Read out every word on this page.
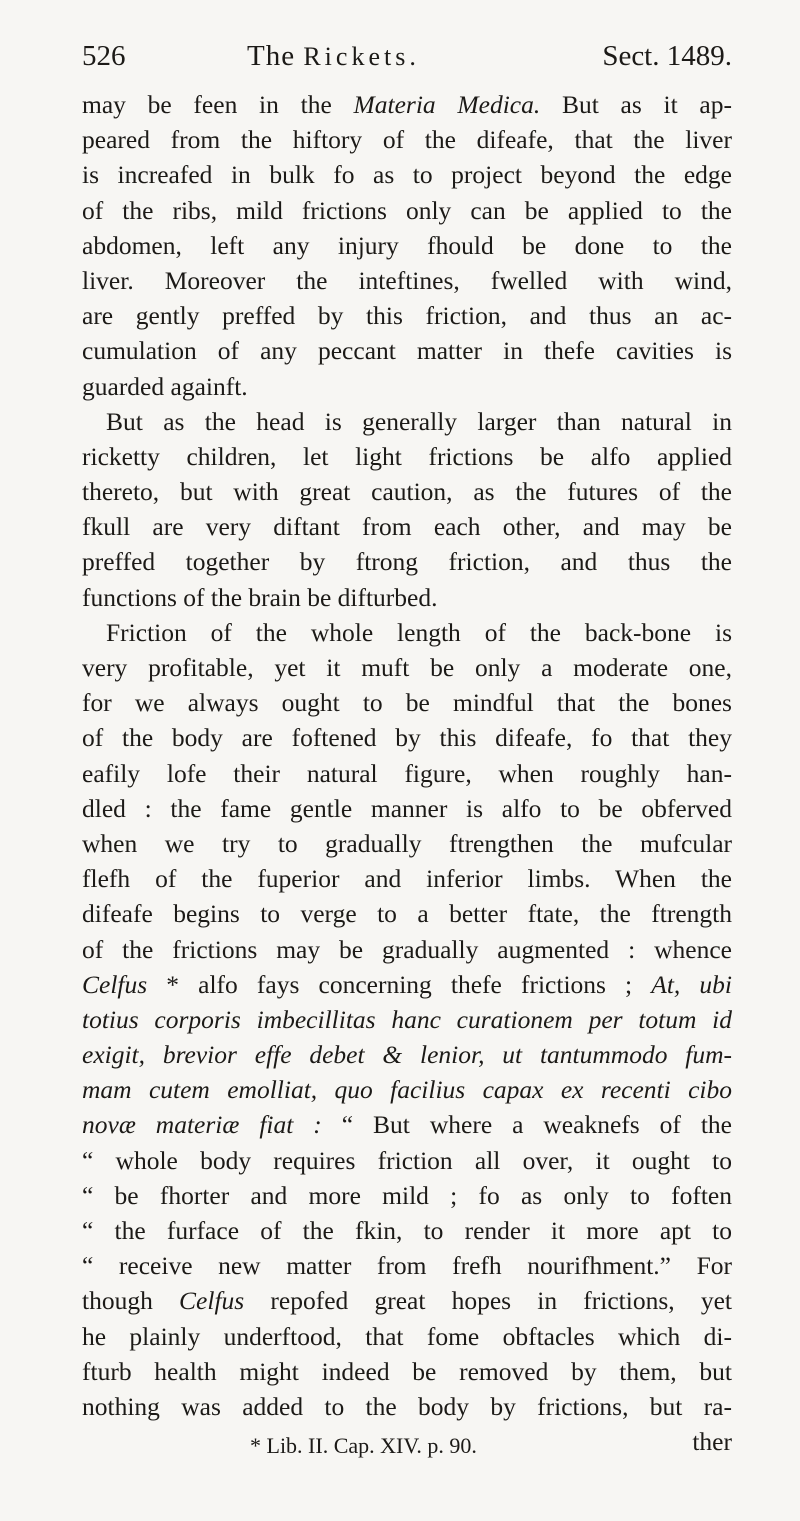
526	The Rickets.	Sect. 1489.
may be feen in the Materia Medica. But as it ap-
peared from the hiftory of the difeafe, that the liver
is increafed in bulk fo as to project beyond the edge
of the ribs, mild frictions only can be applied to the
abdomen, left any injury fhould be done to the
liver. Moreover the inteftines, fwelled with wind,
are gently preffed by this friction, and thus an ac-
cumulation of any peccant matter in thefe cavities is
guarded againft.
But as the head is generally larger than natural in
ricketty children, let light frictions be alfo applied
thereto, but with great caution, as the futures of the
fkull are very diftant from each other, and may be
preffed together by ftrong friction, and thus the
functions of the brain be difturbed.
Friction of the whole length of the back-bone is
very profitable, yet it muft be only a moderate one,
for we always ought to be mindful that the bones
of the body are foftened by this difeafe, fo that they
eafily lofe their natural figure, when roughly han-
dled : the fame gentle manner is alfo to be obferved
when we try to gradually ftrengthen the mufcular
flefh of the fuperior and inferior limbs. When the
difeafe begins to verge to a better ftate, the ftrength
of the frictions may be gradually augmented : whence
Celfus * alfo fays concerning thefe frictions ; At, ubi
totius corporis imbecillitas hanc curationem per totum id
exigit, brevior effe debet & lenior, ut tantummodo fum-
mam cutem emolliat, quo facilius capax ex recenti cibo
novæ materiæ fiat : “ But where a weaknefs of the
“ whole body requires friction all over, it ought to
“ be fhorter and more mild ; fo as only to foften
“ the furface of the fkin, to render it more apt to
“ receive new matter from frefh nourifhment.” For
though Celfus repofed great hopes in frictions, yet
he plainly underftood, that fome obftacles which di-
fturb health might indeed be removed by them, but
nothing was added to the body by frictions, but ra-
ther
* Lib. II. Cap. XIV. p. 90.
